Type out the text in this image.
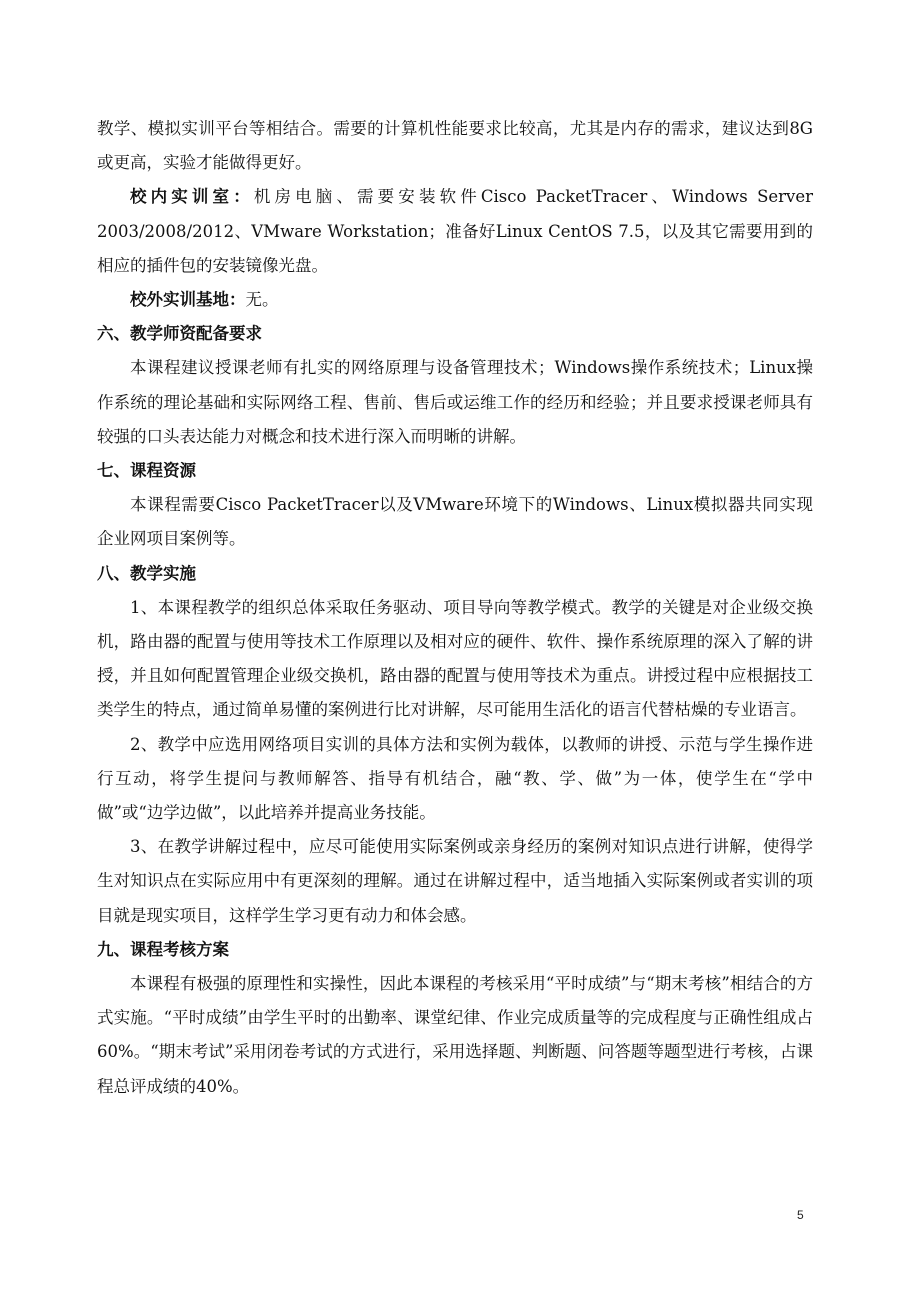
教学、模拟实训平台等相结合。需要的计算机性能要求比较高，尤其是内存的需求，建议达到8G或更高，实验才能做得更好。

校内实训室：机房电脑、需要安装软件Cisco PacketTracer、Windows Server 2003/2008/2012、VMware Workstation；准备好Linux CentOS 7.5，以及其它需要用到的相应的插件包的安装镜像光盘。

校外实训基地：无。

六、教学师资配备要求

本课程建议授课老师有扎实的网络原理与设备管理技术；Windows操作系统技术；Linux操作系统的理论基础和实际网络工程、售前、售后或运维工作的经历和经验；并且要求授课老师具有较强的口头表达能力对概念和技术进行深入而明晰的讲解。

七、课程资源

本课程需要Cisco PacketTracer以及VMware环境下的Windows、Linux模拟器共同实现企业网项目案例等。

八、教学实施

1、本课程教学的组织总体采取任务驱动、项目导向等教学模式。教学的关键是对企业级交换机，路由器的配置与使用等技术工作原理以及相对应的硬件、软件、操作系统原理的深入了解的讲授，并且如何配置管理企业级交换机，路由器的配置与使用等技术为重点。讲授过程中应根据技工类学生的特点，通过简单易懂的案例进行比对讲解，尽可能用生活化的语言代替枯燥的专业语言。

2、教学中应选用网络项目实训的具体方法和实例为载体，以教师的讲授、示范与学生操作进行互动，将学生提问与教师解答、指导有机结合，融“教、学、做”为一体，使学生在“学中做”或“边学边做”，以此培养并提高业务技能。

3、在教学讲解过程中，应尽可能使用实际案例或亲身经历的案例对知识点进行讲解，使得学生对知识点在实际应用中有更深刻的理解。通过在讲解过程中，适当地插入实际案例或者实训的项目就是现实项目，这样学生学习更有动力和体会感。

九、课程考核方案

本课程有极强的原理性和实操性，因此本课程的考核采用“平时成绩”与“期末考核”相结合的方式实施。“平时成绩”由学生平时的出勤率、课堂纪律、作业完成质量等的完成程度与正确性组成占60%。“期末考试”采用闭卷考试的方式进行，采用选择题、判断题、问答题等题型进行考核，占课程总评成绩的40%。

5
